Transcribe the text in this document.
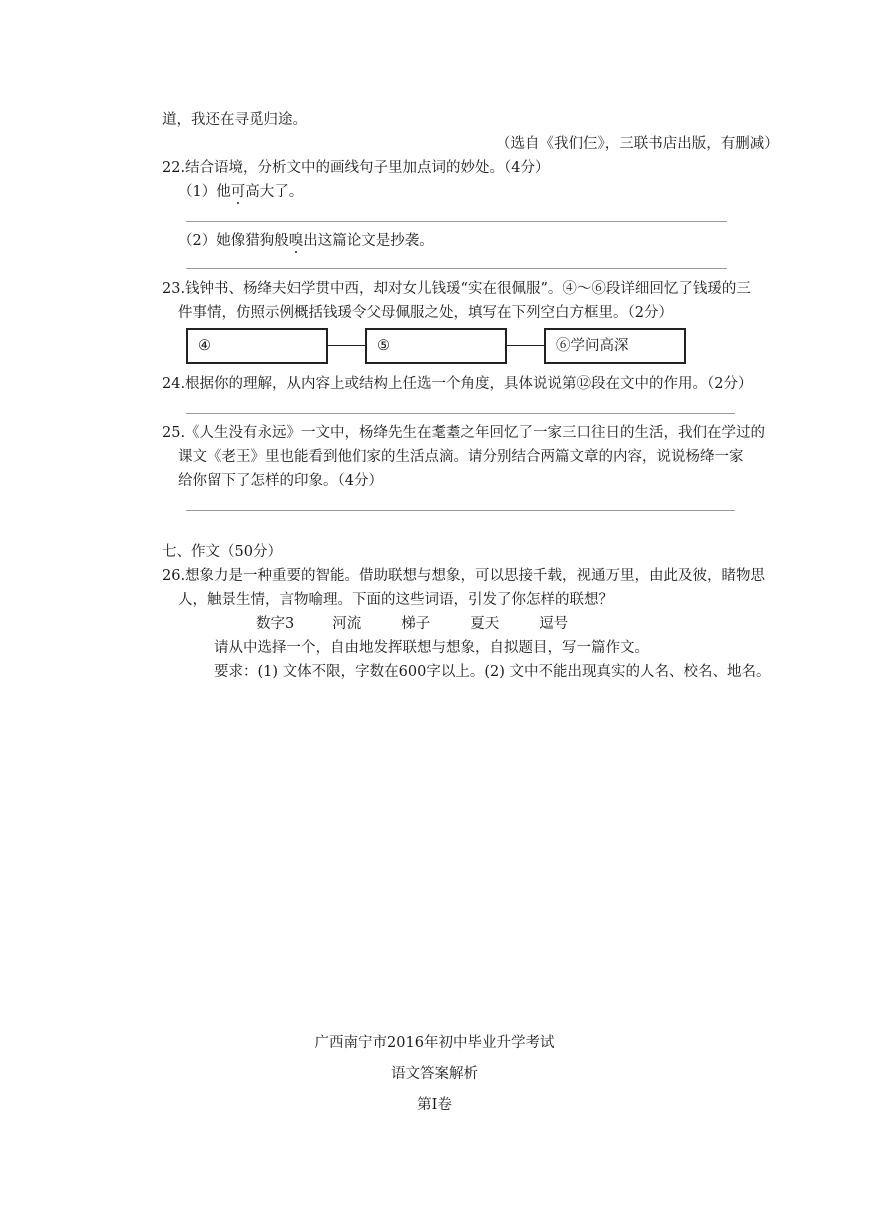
道，我还在寻觅归途。
（选自《我们仨》，三联书店出版，有删减）
22.结合语境，分析文中的画线句子里加点词的妙处。（4分）
（1）他可高大了。
（2）她像猎狗般嗅出这篇论文是抄袭。
23.钱钟书、杨绛夫妇学贯中西，却对女儿钱瑗“实在很佩服”。④～⑥段详细回忆了钱瑗的三
件事情，仿照示例概括钱瑗令父母佩服之处，填写在下列空白方框里。（2分）
④	⑤	⑥学问高深
24.根据你的理解，从内容上或结构上任选一个角度，具体说说第⑫段在文中的作用。（2分）
25.《人生没有永远》一文中，杨绛先生在耄耋之年回忆了一家三口往日的生活，我们在学过的
课文《老王》里也能看到他们家的生活点滴。请分别结合两篇文章的内容，说说杨绛一家
给你留下了怎样的印象。（4分）
七、作文（50分）
26.想象力是一种重要的智能。借助联想与想象，可以思接千载，视通万里，由此及彼，睹物思
人，触景生情，言物喻理。下面的这些词语，引发了你怎样的联想？
数字3	河流	梯子	夏天	逗号
请从中选择一个，自由地发挥联想与想象，自拟题目，写一篇作文。
要求：(1) 文体不限，字数在600字以上。(2) 文中不能出现真实的人名、校名、地名。
广西南宁市2016年初中毕业升学考试
语文答案解析
第Ⅰ卷
